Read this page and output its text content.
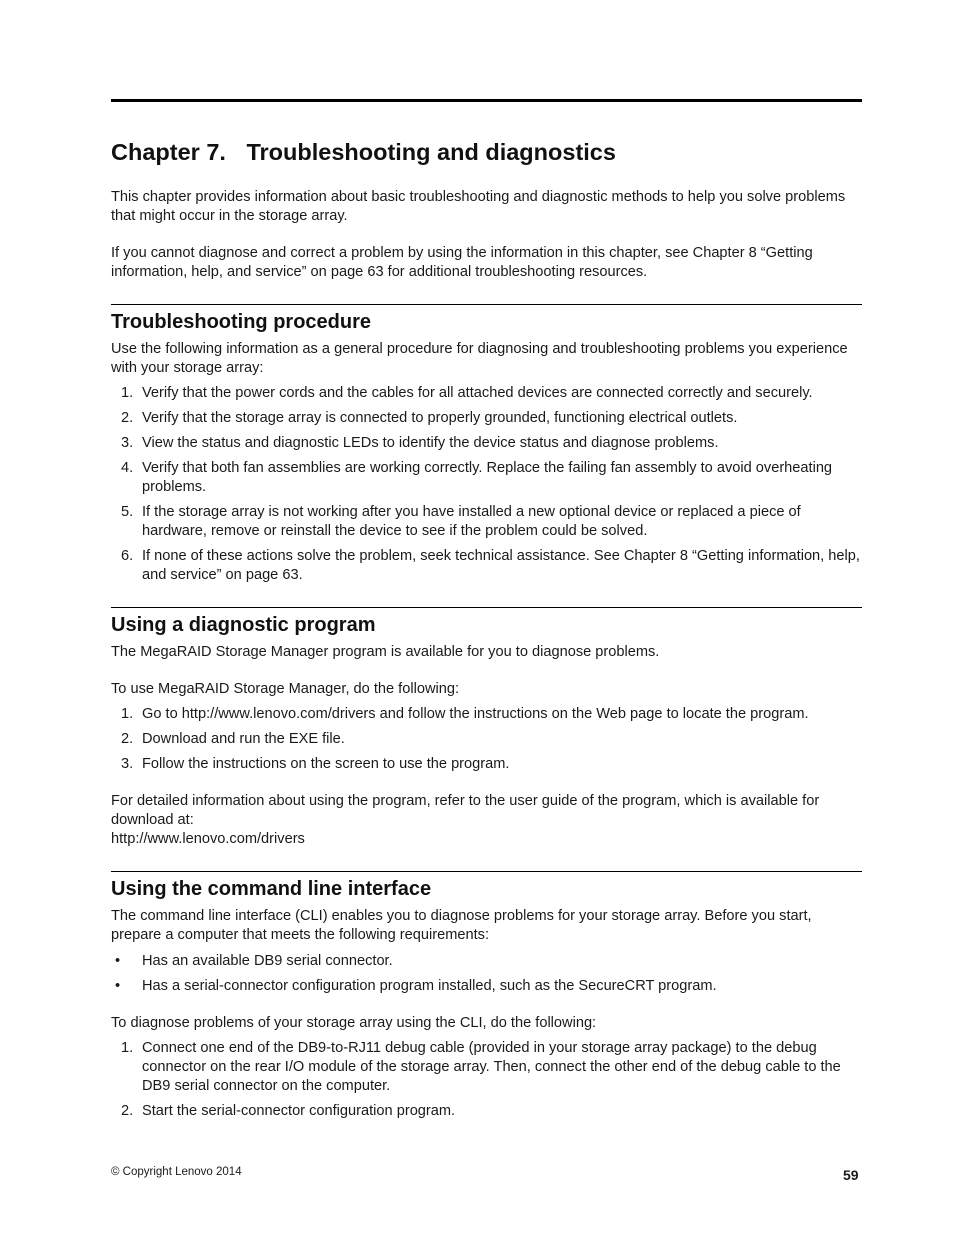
Chapter 7. Troubleshooting and diagnostics

This chapter provides information about basic troubleshooting and diagnostic methods to help you solve problems that might occur in the storage array.

If you cannot diagnose and correct a problem by using the information in this chapter, see Chapter 8 “Getting information, help, and service” on page 63 for additional troubleshooting resources.

Troubleshooting procedure

Use the following information as a general procedure for diagnosing and troubleshooting problems you experience with your storage array:

1. Verify that the power cords and the cables for all attached devices are connected correctly and securely.
2. Verify that the storage array is connected to properly grounded, functioning electrical outlets.
3. View the status and diagnostic LEDs to identify the device status and diagnose problems.
4. Verify that both fan assemblies are working correctly. Replace the failing fan assembly to avoid overheating problems.
5. If the storage array is not working after you have installed a new optional device or replaced a piece of hardware, remove or reinstall the device to see if the problem could be solved.
6. If none of these actions solve the problem, seek technical assistance. See Chapter 8 “Getting information, help, and service” on page 63.
Using a diagnostic program

The MegaRAID Storage Manager program is available for you to diagnose problems.

To use MegaRAID Storage Manager, do the following:

1. Go to http://www.lenovo.com/drivers and follow the instructions on the Web page to locate the program.
2. Download and run the EXE file.
3. Follow the instructions on the screen to use the program.

For detailed information about using the program, refer to the user guide of the program, which is available for download at:

http://www.lenovo.com/drivers

Using the command line interface

The command line interface (CLI) enables you to diagnose problems for your storage array. Before you start, prepare a computer that meets the following requirements:

• Has an available DB9 serial connector.
• Has a serial-connector configuration program installed, such as the SecureCRT program.

To diagnose problems of your storage array using the CLI, do the following:

1. Connect one end of the DB9-to-RJ11 debug cable (provided in your storage array package) to the debug connector on the rear I/O module of the storage array. Then, connect the other end of the debug cable to the DB9 serial connector on the computer.
2. Start the serial-connector configuration program.
© Copyright Lenovo 2014	59
